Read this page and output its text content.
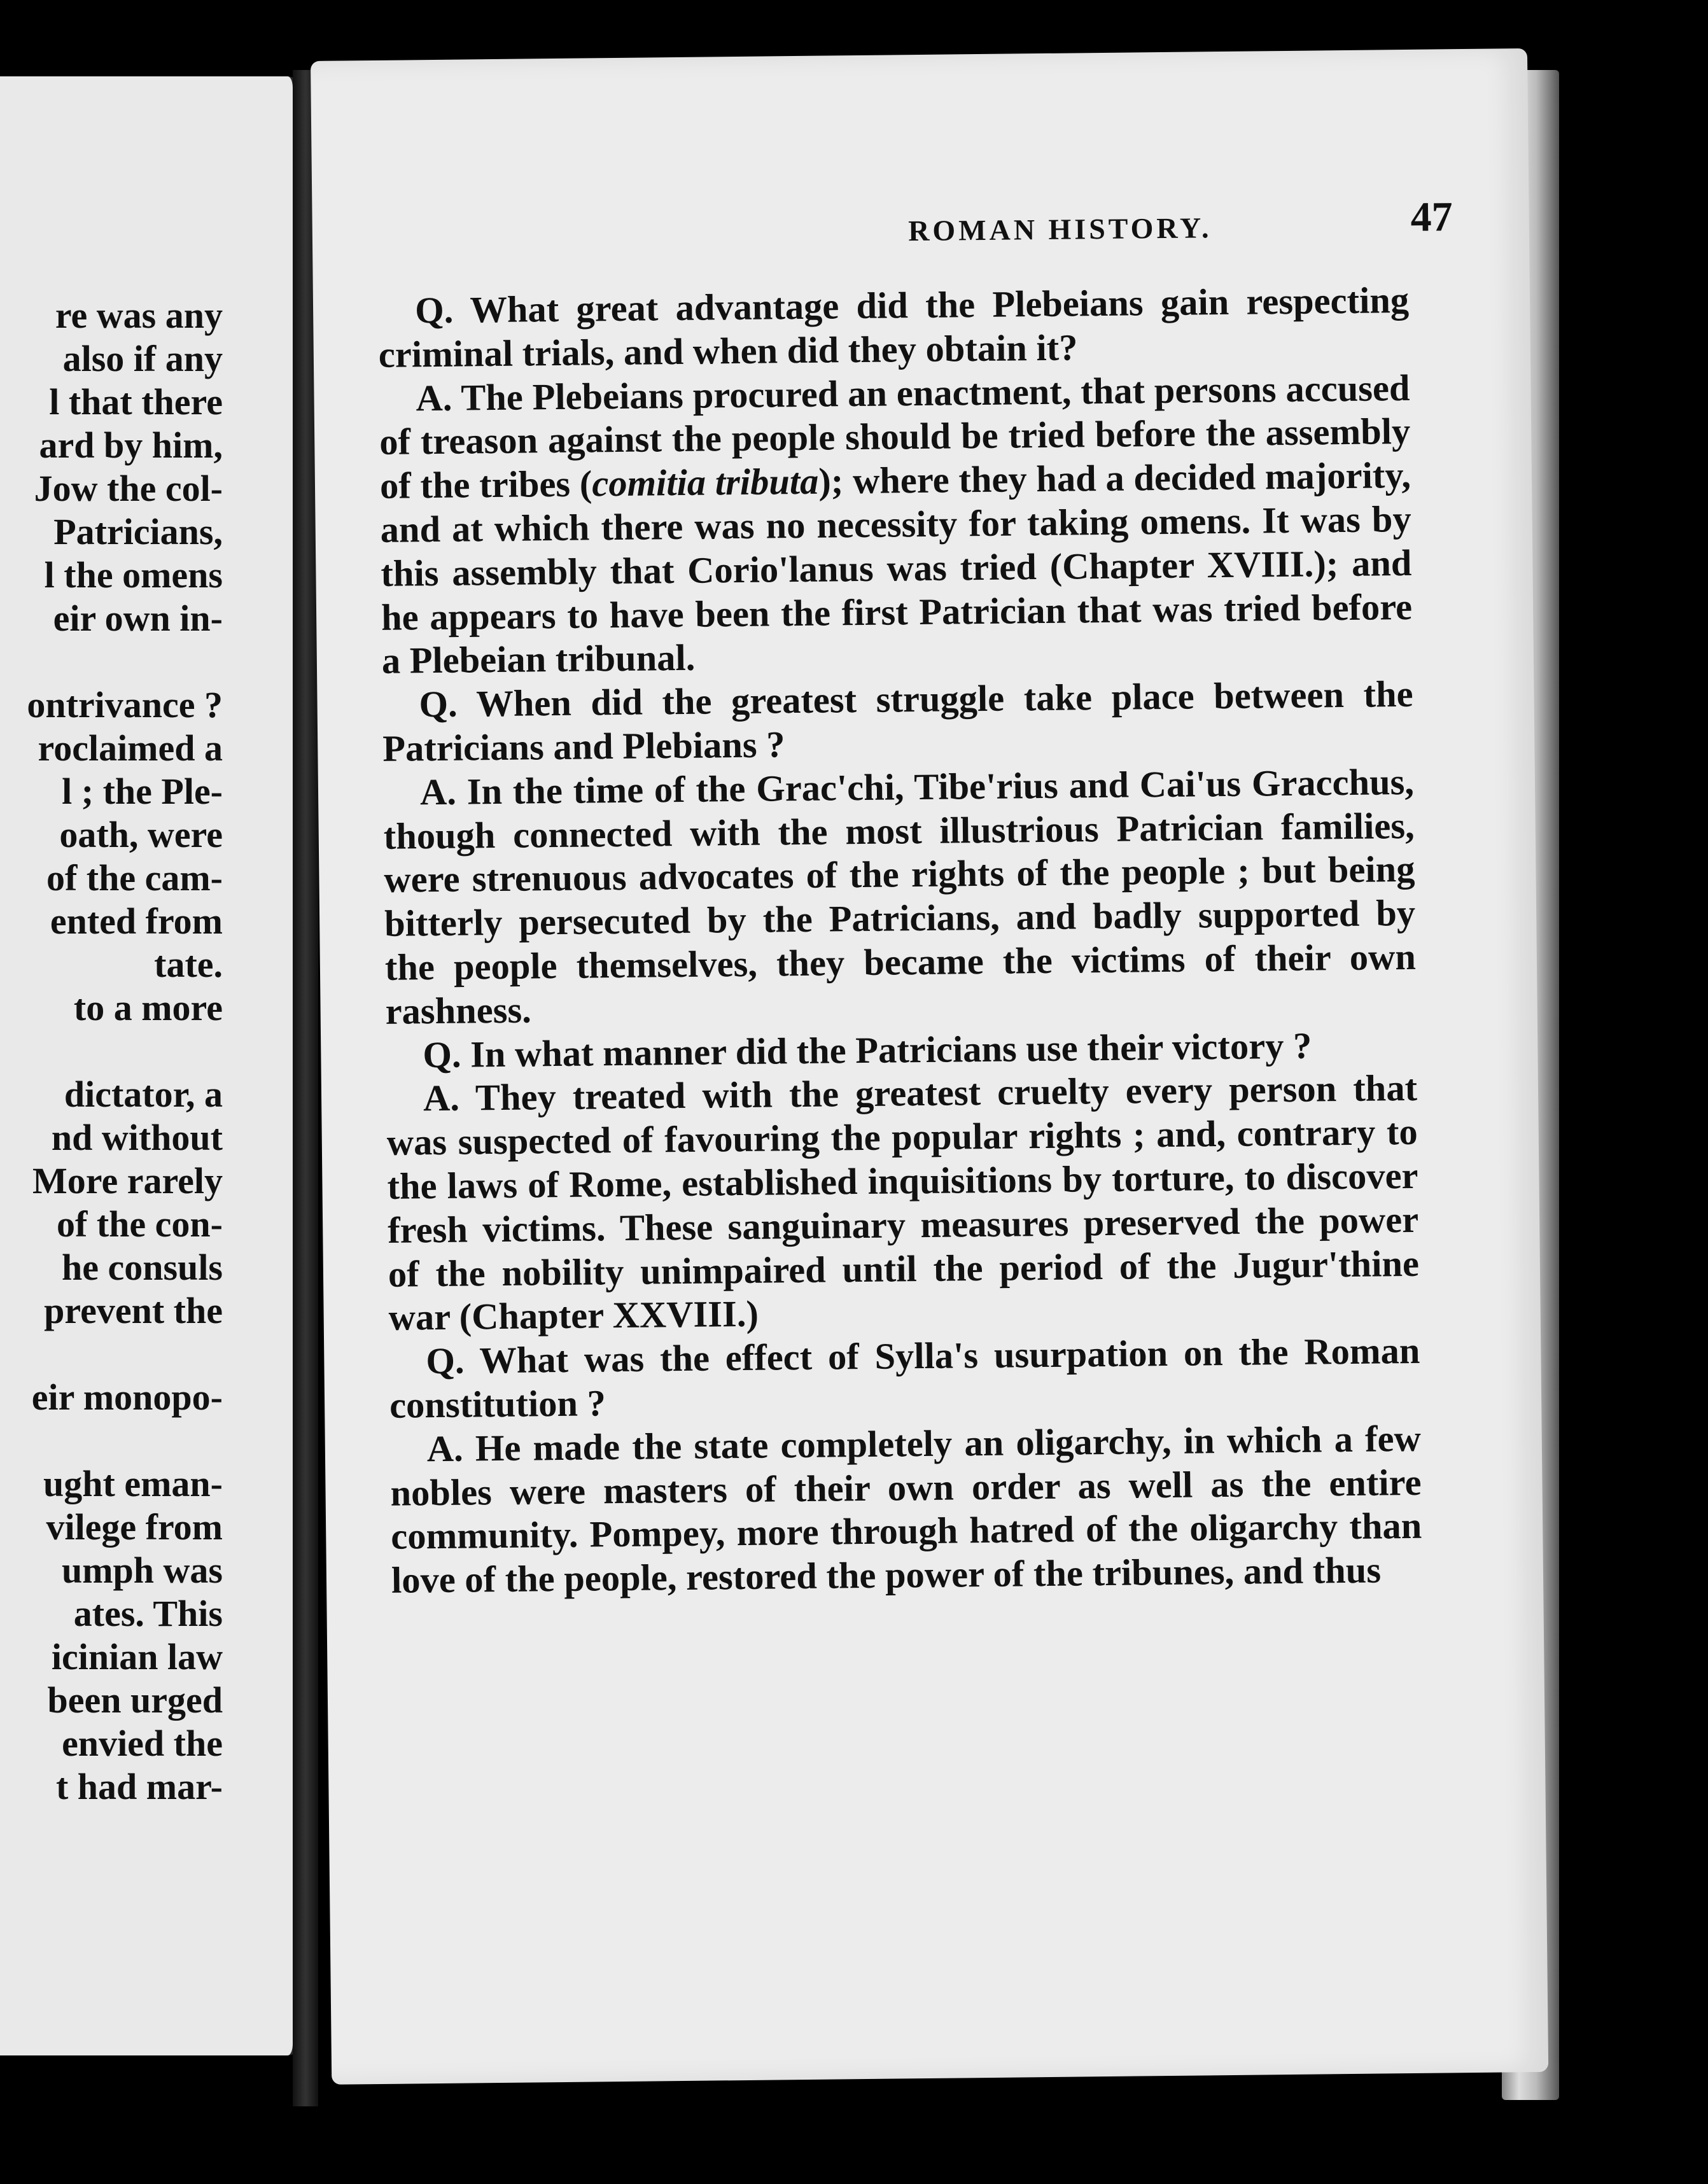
re was any
also if any
l that there
ard by him,
Jow the col-
Patricians,
l the omens
eir own in-
ontrivance ?
roclaimed a
l ; the Ple-
oath, were
of the cam-
ented from
tate.
to a more
dictator, a
nd without
More rarely
of the con-
he consuls
prevent the
eir monopo-
ught eman-
vilege from
umph was
ates. This
icinian law
been urged
envied the
t had mar-
ROMAN HISTORY.	47

Q. What great advantage did the Plebeians gain respecting criminal trials, and when did they obtain it?

A. The Plebeians procured an enactment, that persons accused of treason against the people should be tried before the assembly of the tribes (comitia tributa); where they had a decided majority, and at which there was no necessity for taking omens. It was by this assembly that Corio'lanus was tried (Chapter XVIII.); and he appears to have been the first Patrician that was tried before a Plebeian tribunal.

Q. When did the greatest struggle take place between the Patricians and Plebians ?

A. In the time of the Grac'chi, Tibe'rius and Cai'us Gracchus, though connected with the most illustrious Patrician families, were strenuous advocates of the rights of the people ; but being bitterly persecuted by the Patricians, and badly supported by the people themselves, they became the victims of their own rashness.

Q. In what manner did the Patricians use their victory ?

A. They treated with the greatest cruelty every person that was suspected of favouring the popular rights ; and, contrary to the laws of Rome, established inquisitions by torture, to discover fresh victims. These sanguinary measures preserved the power of the nobility unimpaired until the period of the Jugur'thine war (Chapter XXVIII.)

Q. What was the effect of Sylla's usurpation on the Roman constitution ?

A. He made the state completely an oligarchy, in which a few nobles were masters of their own order as well as the entire community. Pompey, more through hatred of the oligarchy than love of the people, restored the power of the tribunes, and thus
